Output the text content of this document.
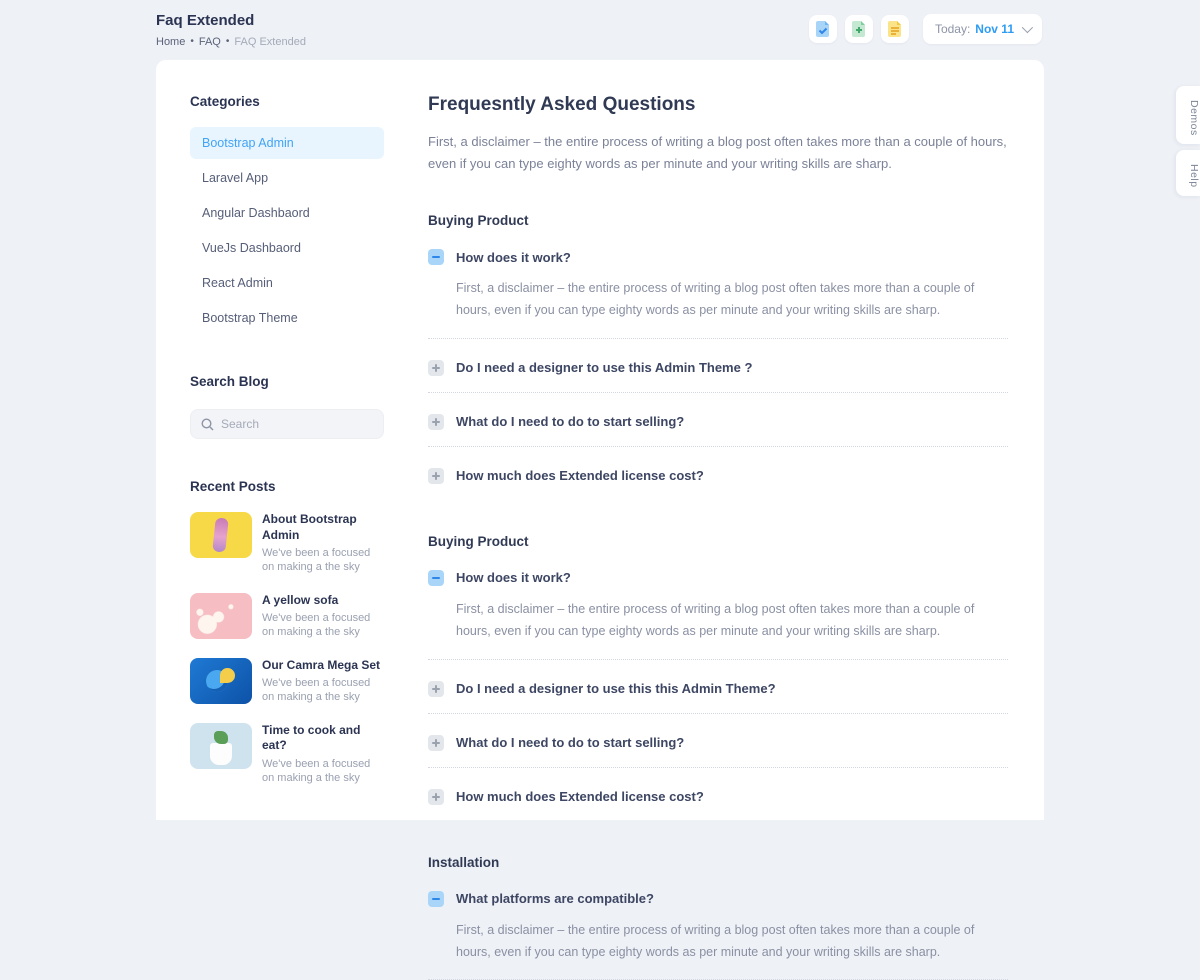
Faq Extended
Home • FAQ • FAQ Extended
Today: Nov 11
Demos
Help
Categories
Bootstrap Admin
Laravel App
Angular Dashbaord
VueJs Dashbaord
React Admin
Bootstrap Theme
Search Blog
Search
Recent Posts
About Bootstrap Admin
We've been a focused on making a the sky
A yellow sofa
We've been a focused on making a the sky
Our Camra Mega Set
We've been a focused on making a the sky
Time to cook and eat?
We've been a focused on making a the sky
Frequesntly Asked Questions

First, a disclaimer – the entire process of writing a blog post often takes more than a couple of hours, even if you can type eighty words as per minute and your writing skills are sharp.

Buying Product
How does it work?

First, a disclaimer – the entire process of writing a blog post often takes more than a couple of hours, even if you can type eighty words as per minute and your writing skills are sharp.

Do I need a designer to use this Admin Theme ?
What do I need to do to start selling?
How much does Extended license cost?
Buying Product
How does it work?

First, a disclaimer – the entire process of writing a blog post often takes more than a couple of hours, even if you can type eighty words as per minute and your writing skills are sharp.

Do I need a designer to use this this Admin Theme?
What do I need to do to start selling?
How much does Extended license cost?
Installation
What platforms are compatible?

First, a disclaimer – the entire process of writing a blog post often takes more than a couple of hours, even if you can type eighty words as per minute and your writing skills are sharp.
